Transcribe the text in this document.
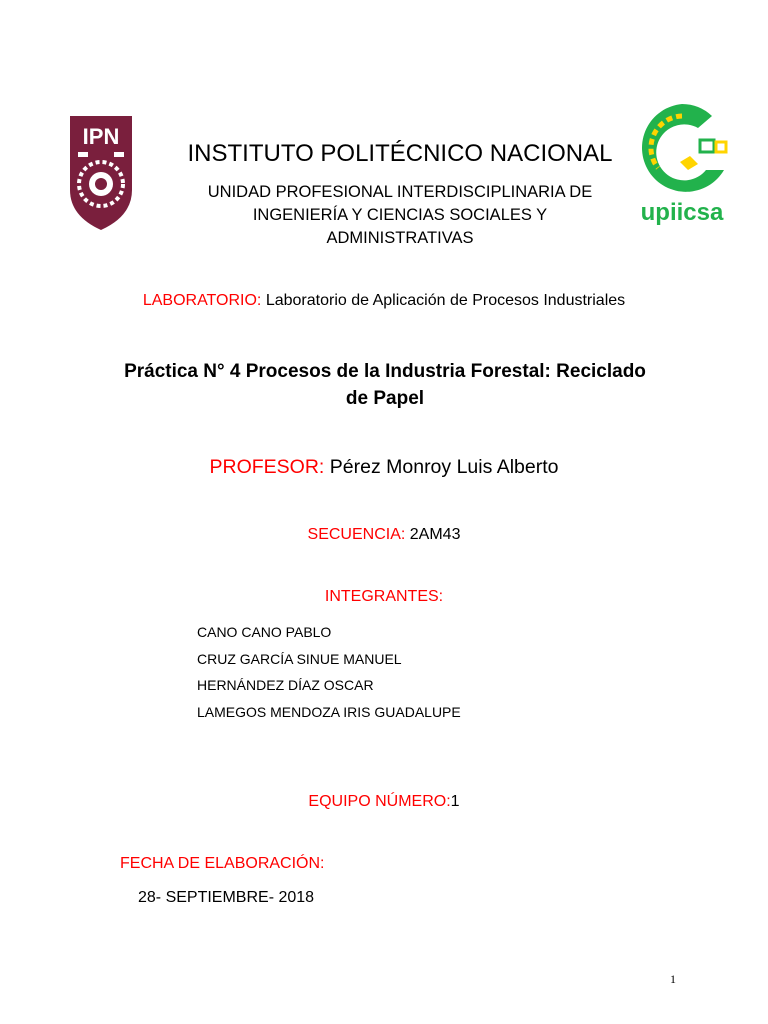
IPN
upiicsa
INSTITUTO POLITÉCNICO NACIONAL
UNIDAD PROFESIONAL INTERDISCIPLINARIA DE
INGENIERÍA Y CIENCIAS SOCIALES Y
ADMINISTRATIVAS
LABORATORIO: Laboratorio de Aplicación de Procesos Industriales
Práctica N° 4 Procesos de la Industria Forestal: Reciclado
de Papel
PROFESOR: Pérez Monroy Luis Alberto
SECUENCIA: 2AM43
INTEGRANTES:
CANO CANO PABLO
CRUZ GARCÍA SINUE MANUEL
HERNÁNDEZ DÍAZ OSCAR
LAMEGOS MENDOZA IRIS GUADALUPE
EQUIPO NÚMERO:1
FECHA DE ELABORACIÓN:
28- SEPTIEMBRE- 2018
1
